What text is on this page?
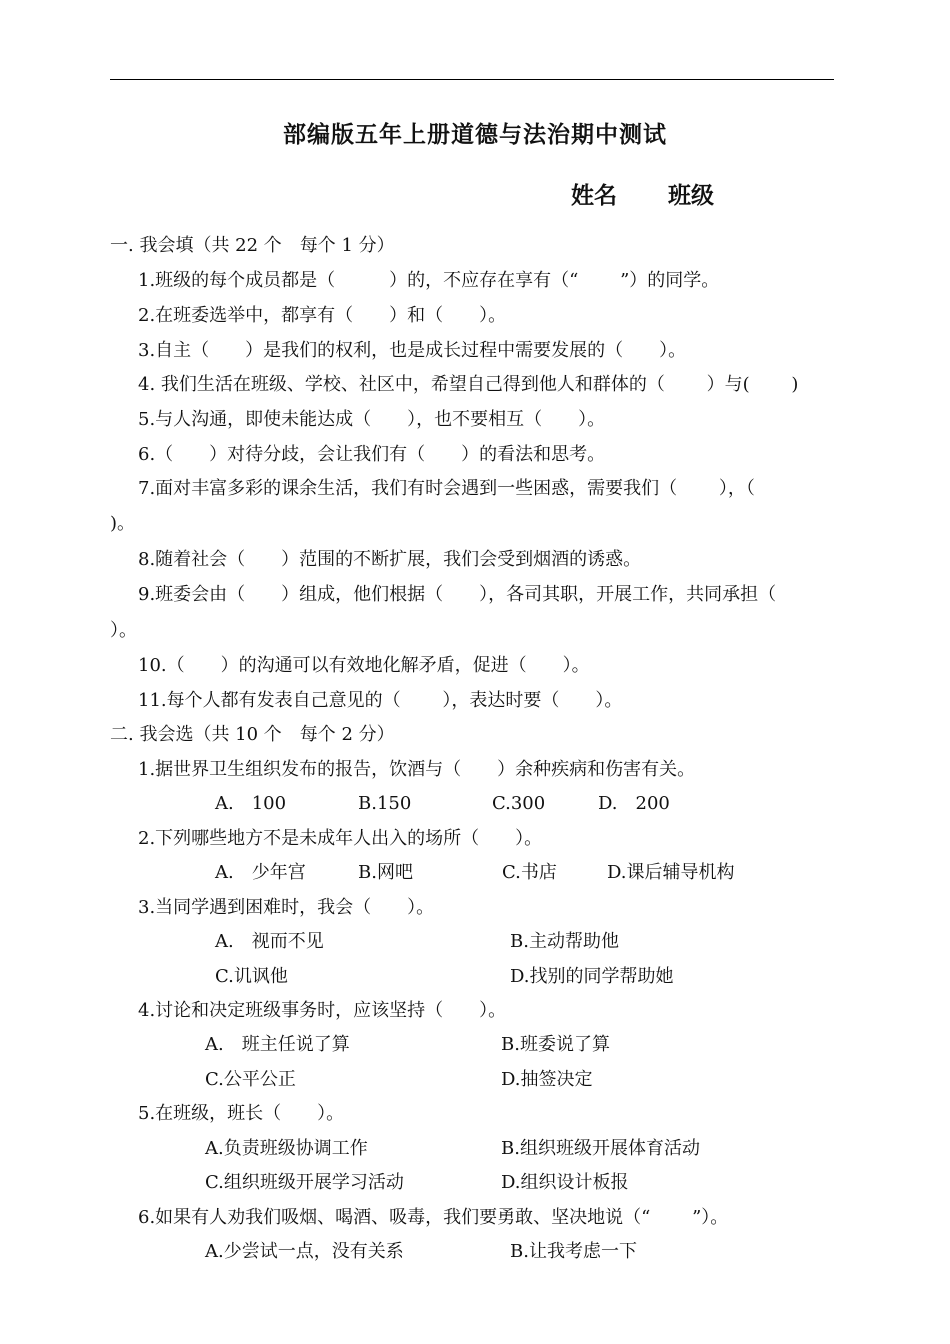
部编版五年上册道德与法治期中测试
姓名 班级
一. 我会填（共 22 个　每个 1 分）
1.班级的每个成员都是（　　　）的，不应存在享有（“　　 ”）的同学。
2.在班委选举中，都享有（　　）和（　　）。
3.自主（　　）是我们的权利，也是成长过程中需要发展的（　　）。
4. 我们生活在班级、学校、社区中，希望自己得到他人和群体的（　　 ）与(　　 )
5.与人沟通，即使未能达成（　　），也不要相互（　　）。
6.（　　）对待分歧，会让我们有（　　）的看法和思考。
7.面对丰富多彩的课余生活，我们有时会遇到一些困惑，需要我们（　　 ），（
)。
8.随着社会（　　）范围的不断扩展，我们会受到烟酒的诱惑。
9.班委会由（　　）组成，他们根据（　　），各司其职，开展工作，共同承担（
）。
10.（　　）的沟通可以有效地化解矛盾，促进（　　）。
11.每个人都有发表自己意见的（　　 ），表达时要（　　）。
二. 我会选（共 10 个　每个 2 分）
1.据世界卫生组织发布的报告，饮酒与（　　）余种疾病和伤害有关。
A.　100	B.150	C.300	D.　200
2.下列哪些地方不是未成年人出入的场所（　　）。
A.　少年宫	B.网吧	C.书店	D.课后辅导机构
3.当同学遇到困难时，我会（　　）。
A.　视而不见	B.主动帮助他
C.讥讽他	D.找别的同学帮助她
4.讨论和决定班级事务时，应该坚持（　　）。
A.　班主任说了算	B.班委说了算
C.公平公正	D.抽签决定
5.在班级，班长（　　）。
A.负责班级协调工作	B.组织班级开展体育活动
C.组织班级开展学习活动	D.组织设计板报
6.如果有人劝我们吸烟、喝酒、吸毒，我们要勇敢、坚决地说（“　　 ”）。
A.少尝试一点，没有关系	B.让我考虑一下
